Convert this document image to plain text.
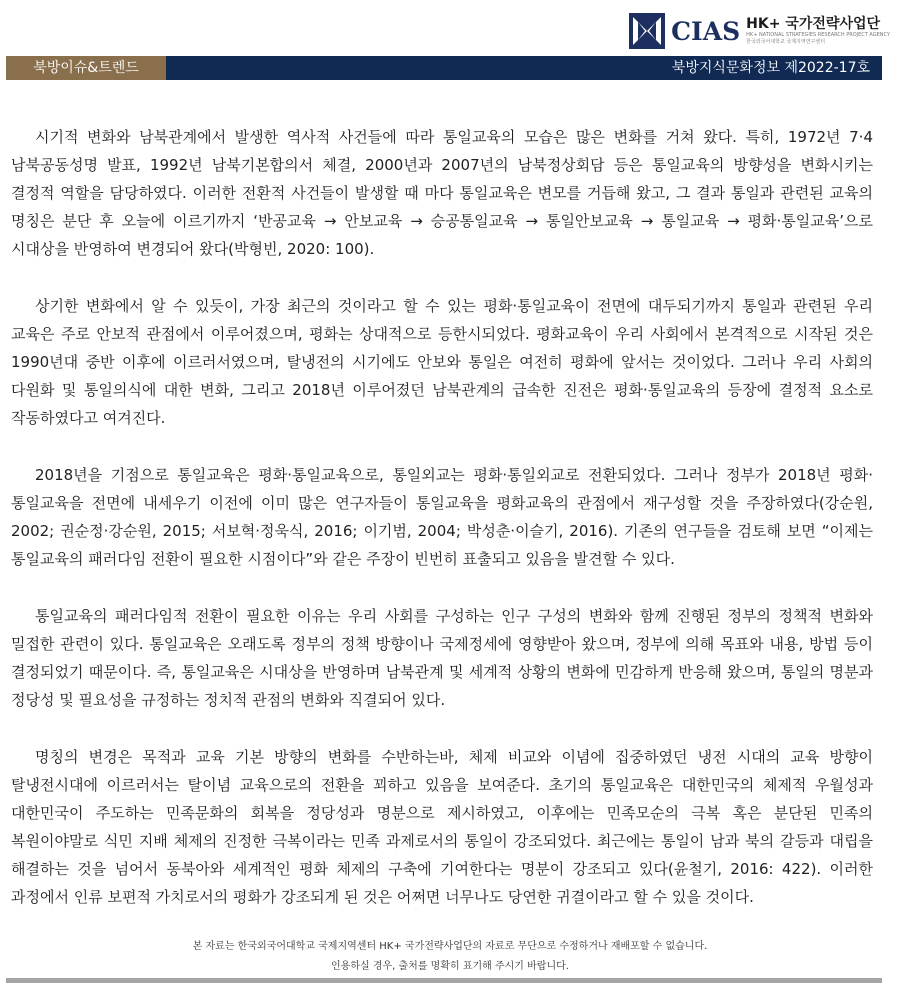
CIAS HK+ 국가전략사업단
HK+ NATIONAL STRATEGIES RESEARCH PROJECT AGENCY
한국외국어대학교 국제지역연구센터
북방이슈&트렌드	북방지식문화정보 제2022-17호

시기적 변화와 남북관계에서 발생한 역사적 사건들에 따라 통일교육의 모습은 많은 변화를 거쳐 왔다. 특히, 1972년 7·4 남북공동성명 발표, 1992년 남북기본합의서 체결, 2000년과 2007년의 남북정상회담 등은 통일교육의 방향성을 변화시키는 결정적 역할을 담당하였다. 이러한 전환적 사건들이 발생할 때 마다 통일교육은 변모를 거듭해 왔고, 그 결과 통일과 관련된 교육의 명칭은 분단 후 오늘에 이르기까지 ‘반공교육 → 안보교육 → 승공통일교육 → 통일안보교육 → 통일교육 → 평화·통일교육’으로 시대상을 반영하여 변경되어 왔다(박형빈, 2020: 100).

상기한 변화에서 알 수 있듯이, 가장 최근의 것이라고 할 수 있는 평화·통일교육이 전면에 대두되기까지 통일과 관련된 우리 교육은 주로 안보적 관점에서 이루어졌으며, 평화는 상대적으로 등한시되었다. 평화교육이 우리 사회에서 본격적으로 시작된 것은 1990년대 중반 이후에 이르러서였으며, 탈냉전의 시기에도 안보와 통일은 여전히 평화에 앞서는 것이었다. 그러나 우리 사회의 다원화 및 통일의식에 대한 변화, 그리고 2018년 이루어졌던 남북관계의 급속한 진전은 평화·통일교육의 등장에 결정적 요소로 작동하였다고 여겨진다.

2018년을 기점으로 통일교육은 평화·통일교육으로, 통일외교는 평화·통일외교로 전환되었다. 그러나 정부가 2018년 평화·통일교육을 전면에 내세우기 이전에 이미 많은 연구자들이 통일교육을 평화교육의 관점에서 재구성할 것을 주장하였다(강순원, 2002; 권순정·강순원, 2015; 서보혁·정욱식, 2016; 이기범, 2004; 박성춘·이슬기, 2016). 기존의 연구들을 검토해 보면 “이제는 통일교육의 패러다임 전환이 필요한 시점이다”와 같은 주장이 빈번히 표출되고 있음을 발견할 수 있다.

통일교육의 패러다임적 전환이 필요한 이유는 우리 사회를 구성하는 인구 구성의 변화와 함께 진행된 정부의 정책적 변화와 밀접한 관련이 있다. 통일교육은 오래도록 정부의 정책 방향이나 국제정세에 영향받아 왔으며, 정부에 의해 목표와 내용, 방법 등이 결정되었기 때문이다. 즉, 통일교육은 시대상을 반영하며 남북관계 및 세계적 상황의 변화에 민감하게 반응해 왔으며, 통일의 명분과 정당성 및 필요성을 규정하는 정치적 관점의 변화와 직결되어 있다.

명칭의 변경은 목적과 교육 기본 방향의 변화를 수반하는바, 체제 비교와 이념에 집중하였던 냉전 시대의 교육 방향이 탈냉전시대에 이르러서는 탈이념 교육으로의 전환을 꾀하고 있음을 보여준다. 초기의 통일교육은 대한민국의 체제적 우월성과 대한민국이 주도하는 민족문화의 회복을 정당성과 명분으로 제시하였고, 이후에는 민족모순의 극복 혹은 분단된 민족의 복원이야말로 식민 지배 체제의 진정한 극복이라는 민족 과제로서의 통일이 강조되었다. 최근에는 통일이 남과 북의 갈등과 대립을 해결하는 것을 넘어서 동북아와 세계적인 평화 체제의 구축에 기여한다는 명분이 강조되고 있다(윤철기, 2016: 422). 이러한 과정에서 인류 보편적 가치로서의 평화가 강조되게 된 것은 어쩌면 너무나도 당연한 귀결이라고 할 수 있을 것이다.

본 자료는 한국외국어대학교 국제지역센터 HK+ 국가전략사업단의 자료로 무단으로 수정하거나 재배포할 수 없습니다.
인용하실 경우, 출처를 명확히 표기해 주시기 바랍니다.
